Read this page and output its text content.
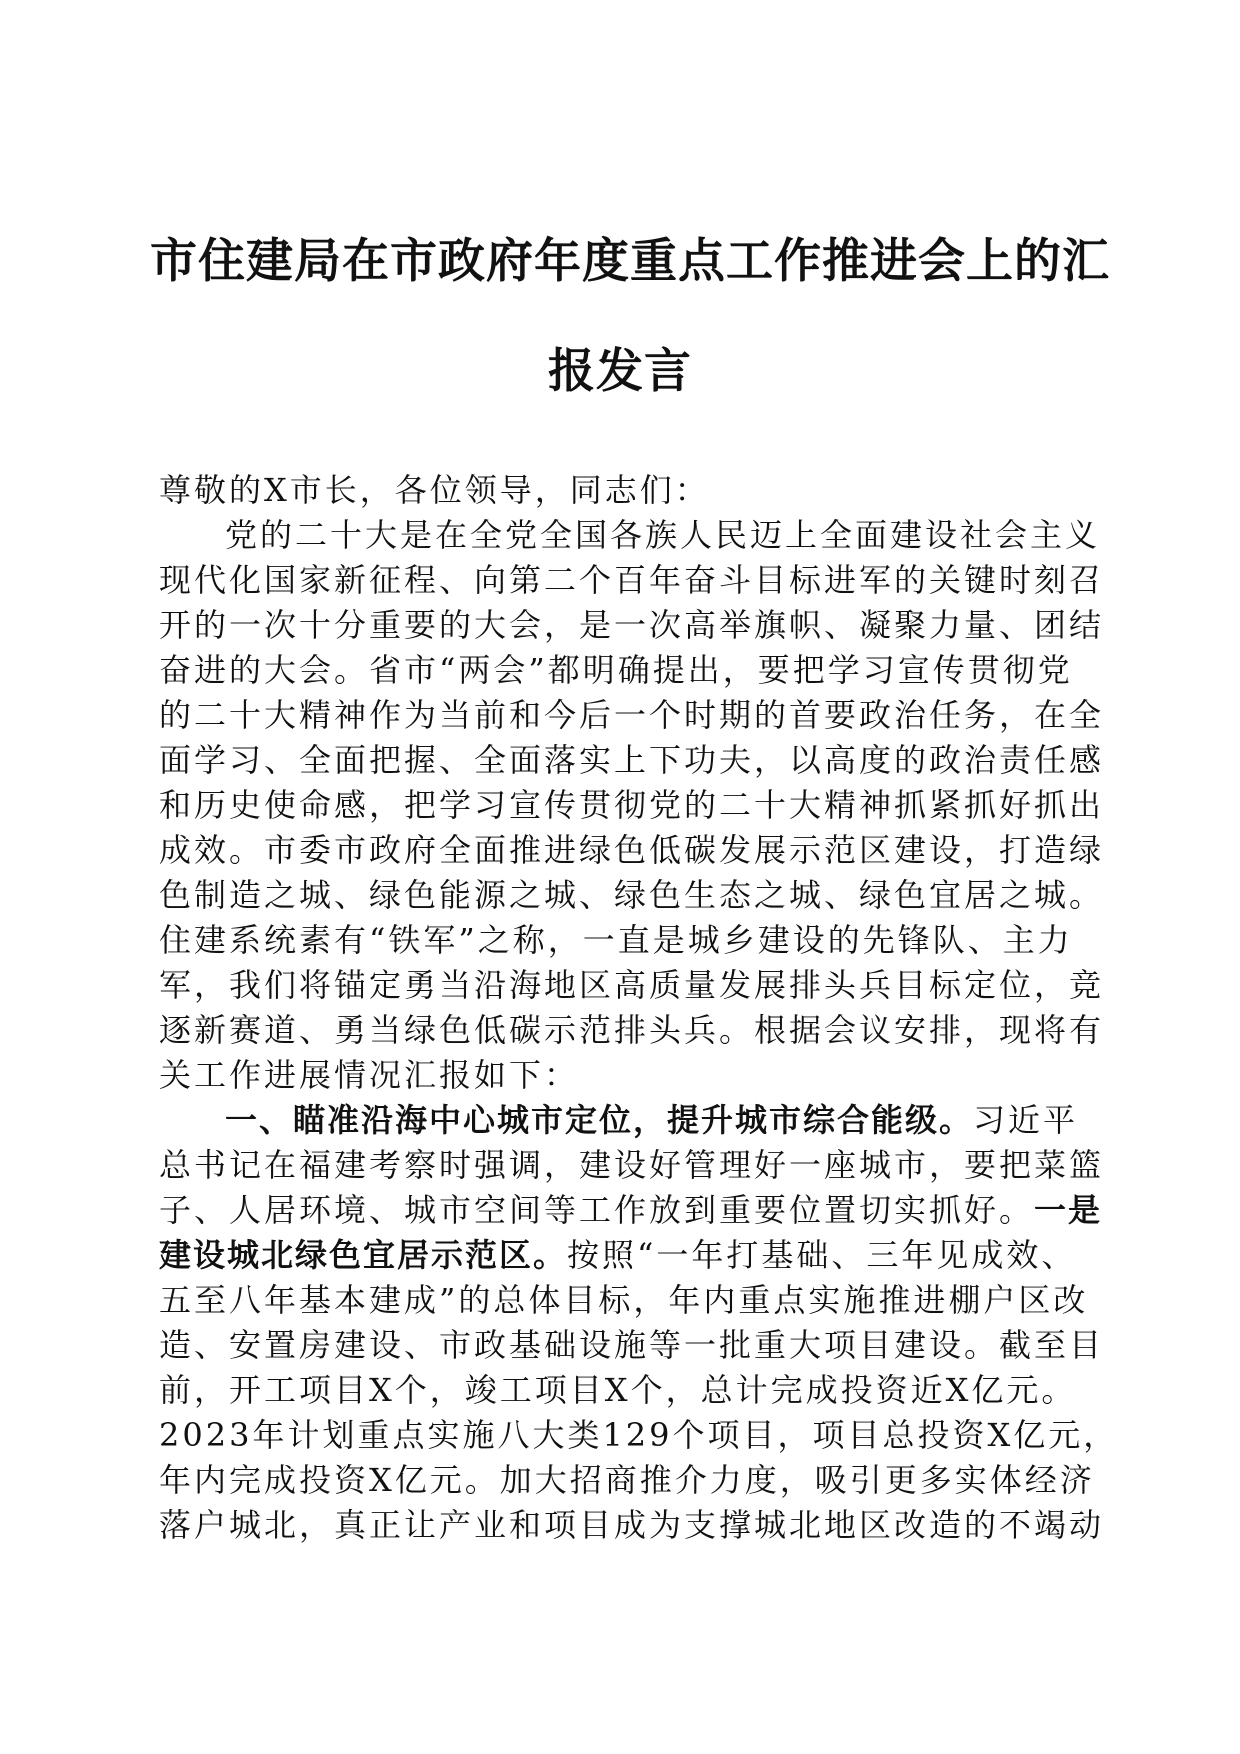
市住建局在市政府年度重点工作推进会上的汇
报发言
尊敬的X市长，各位领导，同志们：
党的二十大是在全党全国各族人民迈上全面建设社会主义
现代化国家新征程、向第二个百年奋斗目标进军的关键时刻召
开的一次十分重要的大会，是一次高举旗帜、凝聚力量、团结
奋进的大会。省市“两会”都明确提出，要把学习宣传贯彻党
的二十大精神作为当前和今后一个时期的首要政治任务，在全
面学习、全面把握、全面落实上下功夫，以高度的政治责任感
和历史使命感，把学习宣传贯彻党的二十大精神抓紧抓好抓出
成效。市委市政府全面推进绿色低碳发展示范区建设，打造绿
色制造之城、绿色能源之城、绿色生态之城、绿色宜居之城。
住建系统素有“铁军”之称，一直是城乡建设的先锋队、主力
军，我们将锚定勇当沿海地区高质量发展排头兵目标定位，竞
逐新赛道、勇当绿色低碳示范排头兵。根据会议安排，现将有
关工作进展情况汇报如下：
一、瞄准沿海中心城市定位，提升城市综合能级。习近平
总书记在福建考察时强调，建设好管理好一座城市，要把菜篮
子、人居环境、城市空间等工作放到重要位置切实抓好。一是
建设城北绿色宜居示范区。按照“一年打基础、三年见成效、
五至八年基本建成”的总体目标，年内重点实施推进棚户区改
造、安置房建设、市政基础设施等一批重大项目建设。截至目
前，开工项目X个，竣工项目X个，总计完成投资近X亿元。
2023年计划重点实施八大类129个项目，项目总投资X亿元，
年内完成投资X亿元。加大招商推介力度，吸引更多实体经济
落户城北，真正让产业和项目成为支撑城北地区改造的不竭动
